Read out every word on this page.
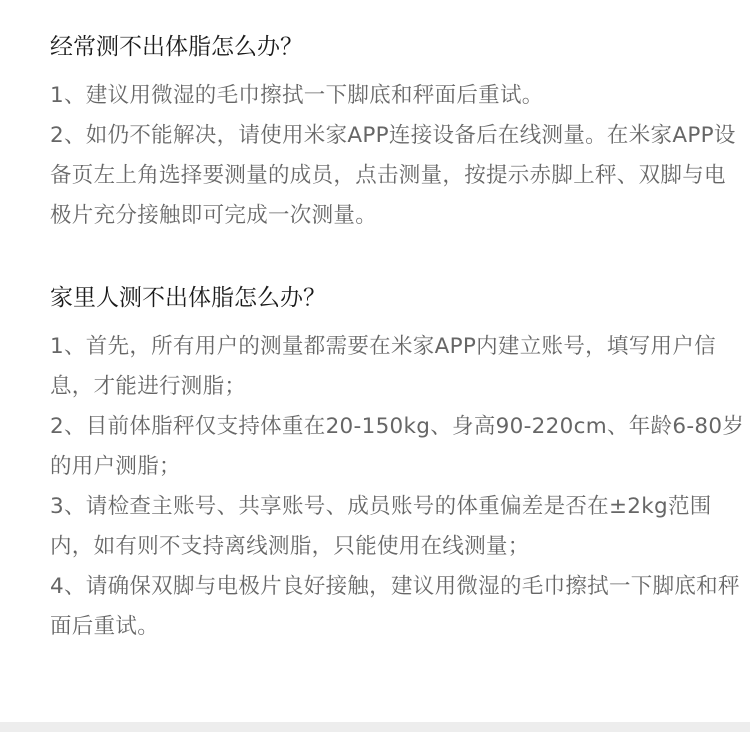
经常测不出体脂怎么办？

1、建议用微湿的毛巾擦拭一下脚底和秤面后重试。

2、如仍不能解决，请使用米家APP连接设备后在线测量。在米家APP设备页左上角选择要测量的成员，点击测量，按提示赤脚上秤、双脚与电极片充分接触即可完成一次测量。

家里人测不出体脂怎么办？

1、首先，所有用户的测量都需要在米家APP内建立账号，填写用户信息，才能进行测脂；

2、目前体脂秤仅支持体重在20-150kg、身高90-220cm、年龄6-80岁的用户测脂；

3、请检查主账号、共享账号、成员账号的体重偏差是否在±2kg范围内，如有则不支持离线测脂，只能使用在线测量；

4、请确保双脚与电极片良好接触，建议用微湿的毛巾擦拭一下脚底和秤面后重试。
